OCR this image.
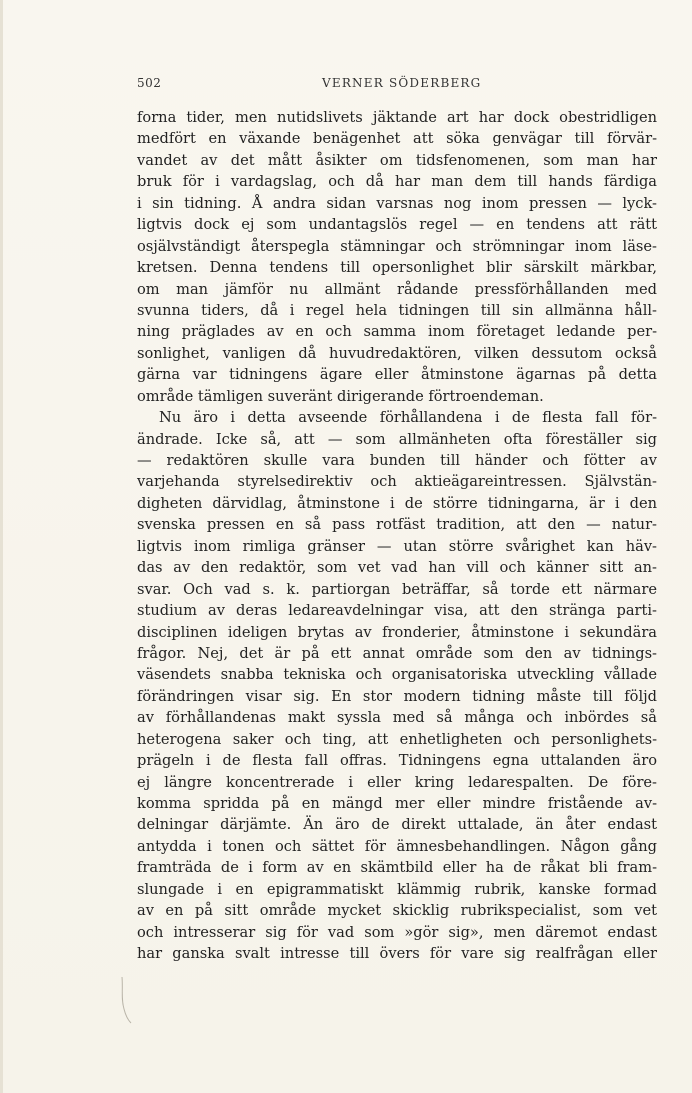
502	VERNER SÖDERBERG
forna tider, men nutidslivets jäktande art har dock obestridligen
medfört en växande benägenhet att söka genvägar till förvär-
vandet av det mått åsikter om tidsfenomenen, som man har
bruk för i vardagslag, och då har man dem till hands färdiga
i sin tidning. Å andra sidan varsnas nog inom pressen — lyck-
ligtvis dock ej som undantagslös regel — en tendens att rätt
osjälvständigt återspegla stämningar och strömningar inom läse-
kretsen. Denna tendens till opersonlighet blir särskilt märkbar,
om man jämför nu allmänt rådande pressförhållanden med
svunna tiders, då i regel hela tidningen till sin allmänna håll-
ning präglades av en och samma inom företaget ledande per-
sonlighet, vanligen då huvudredaktören, vilken dessutom också
gärna var tidningens ägare eller åtminstone ägarnas på detta
område tämligen suveränt dirigerande förtroendeman.
Nu äro i detta avseende förhållandena i de flesta fall för-
ändrade. Icke så, att — som allmänheten ofta föreställer sig
— redaktören skulle vara bunden till händer och fötter av
varjehanda styrelsedirektiv och aktieägareintressen. Självstän-
digheten därvidlag, åtminstone i de större tidningarna, är i den
svenska pressen en så pass rotfäst tradition, att den — natur-
ligtvis inom rimliga gränser — utan större svårighet kan häv-
das av den redaktör, som vet vad han vill och känner sitt an-
svar. Och vad s. k. partiorgan beträffar, så torde ett närmare
studium av deras ledareavdelningar visa, att den stränga parti-
disciplinen ideligen brytas av fronderier, åtminstone i sekundära
frågor. Nej, det är på ett annat område som den av tidnings-
väsendets snabba tekniska och organisatoriska utveckling vållade
förändringen visar sig. En stor modern tidning måste till följd
av förhållandenas makt syssla med så många och inbördes så
heterogena saker och ting, att enhetligheten och personlighets-
prägeln i de flesta fall offras. Tidningens egna uttalanden äro
ej längre koncentrerade i eller kring ledarespalten. De före-
komma spridda på en mängd mer eller mindre fristående av-
delningar därjämte. Än äro de direkt uttalade, än åter endast
antydda i tonen och sättet för ämnesbehandlingen. Någon gång
framträda de i form av en skämtbild eller ha de råkat bli fram-
slungade i en epigrammatiskt klämmig rubrik, kanske formad
av en på sitt område mycket skicklig rubrikspecialist, som vet
och intresserar sig för vad som »gör sig», men däremot endast
har ganska svalt intresse till övers för vare sig realfrågan eller
